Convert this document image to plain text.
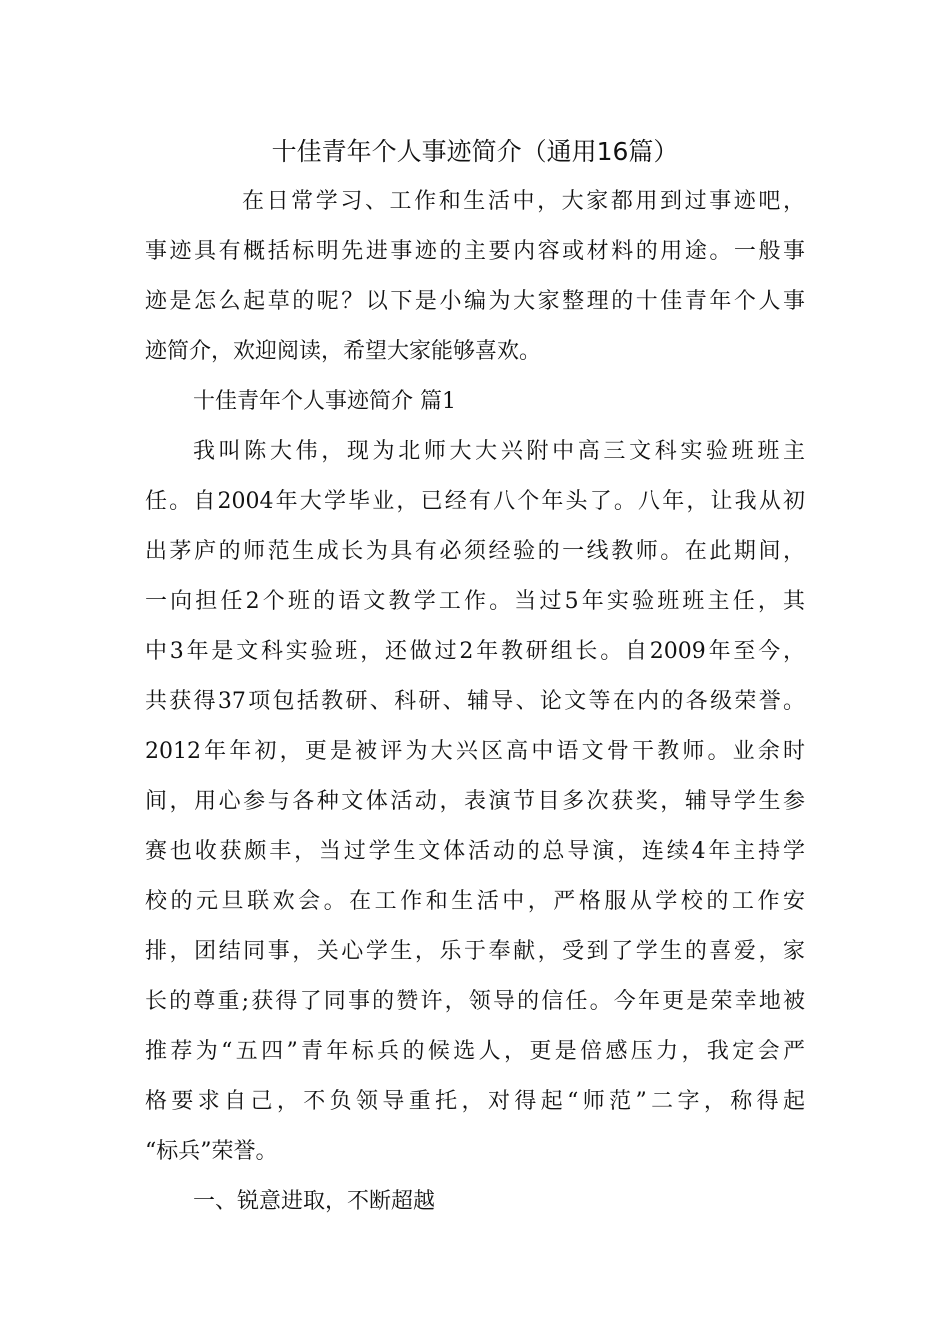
十佳青年个人事迹简介（通用16篇）
在日常学习、工作和生活中，大家都用到过事迹吧，
事迹具有概括标明先进事迹的主要内容或材料的用途。一般事
迹是怎么起草的呢？以下是小编为大家整理的十佳青年个人事
迹简介，欢迎阅读，希望大家能够喜欢。
十佳青年个人事迹简介 篇1
我叫陈大伟，现为北师大大兴附中高三文科实验班班主
任。自2004年大学毕业，已经有八个年头了。八年，让我从初
出茅庐的师范生成长为具有必须经验的一线教师。在此期间，
一向担任2个班的语文教学工作。当过5年实验班班主任，其
中3年是文科实验班，还做过2年教研组长。自2009年至今，
共获得37项包括教研、科研、辅导、论文等在内的各级荣誉。
2012年年初，更是被评为大兴区高中语文骨干教师。业余时
间，用心参与各种文体活动，表演节目多次获奖，辅导学生参
赛也收获颇丰，当过学生文体活动的总导演，连续4年主持学
校的元旦联欢会。在工作和生活中，严格服从学校的工作安
排，团结同事，关心学生，乐于奉献，受到了学生的喜爱，家
长的尊重;获得了同事的赞许，领导的信任。今年更是荣幸地被
推荐为“五四”青年标兵的候选人，更是倍感压力，我定会严
格要求自己，不负领导重托，对得起“师范”二字，称得起
“标兵”荣誉。
一、锐意进取，不断超越
